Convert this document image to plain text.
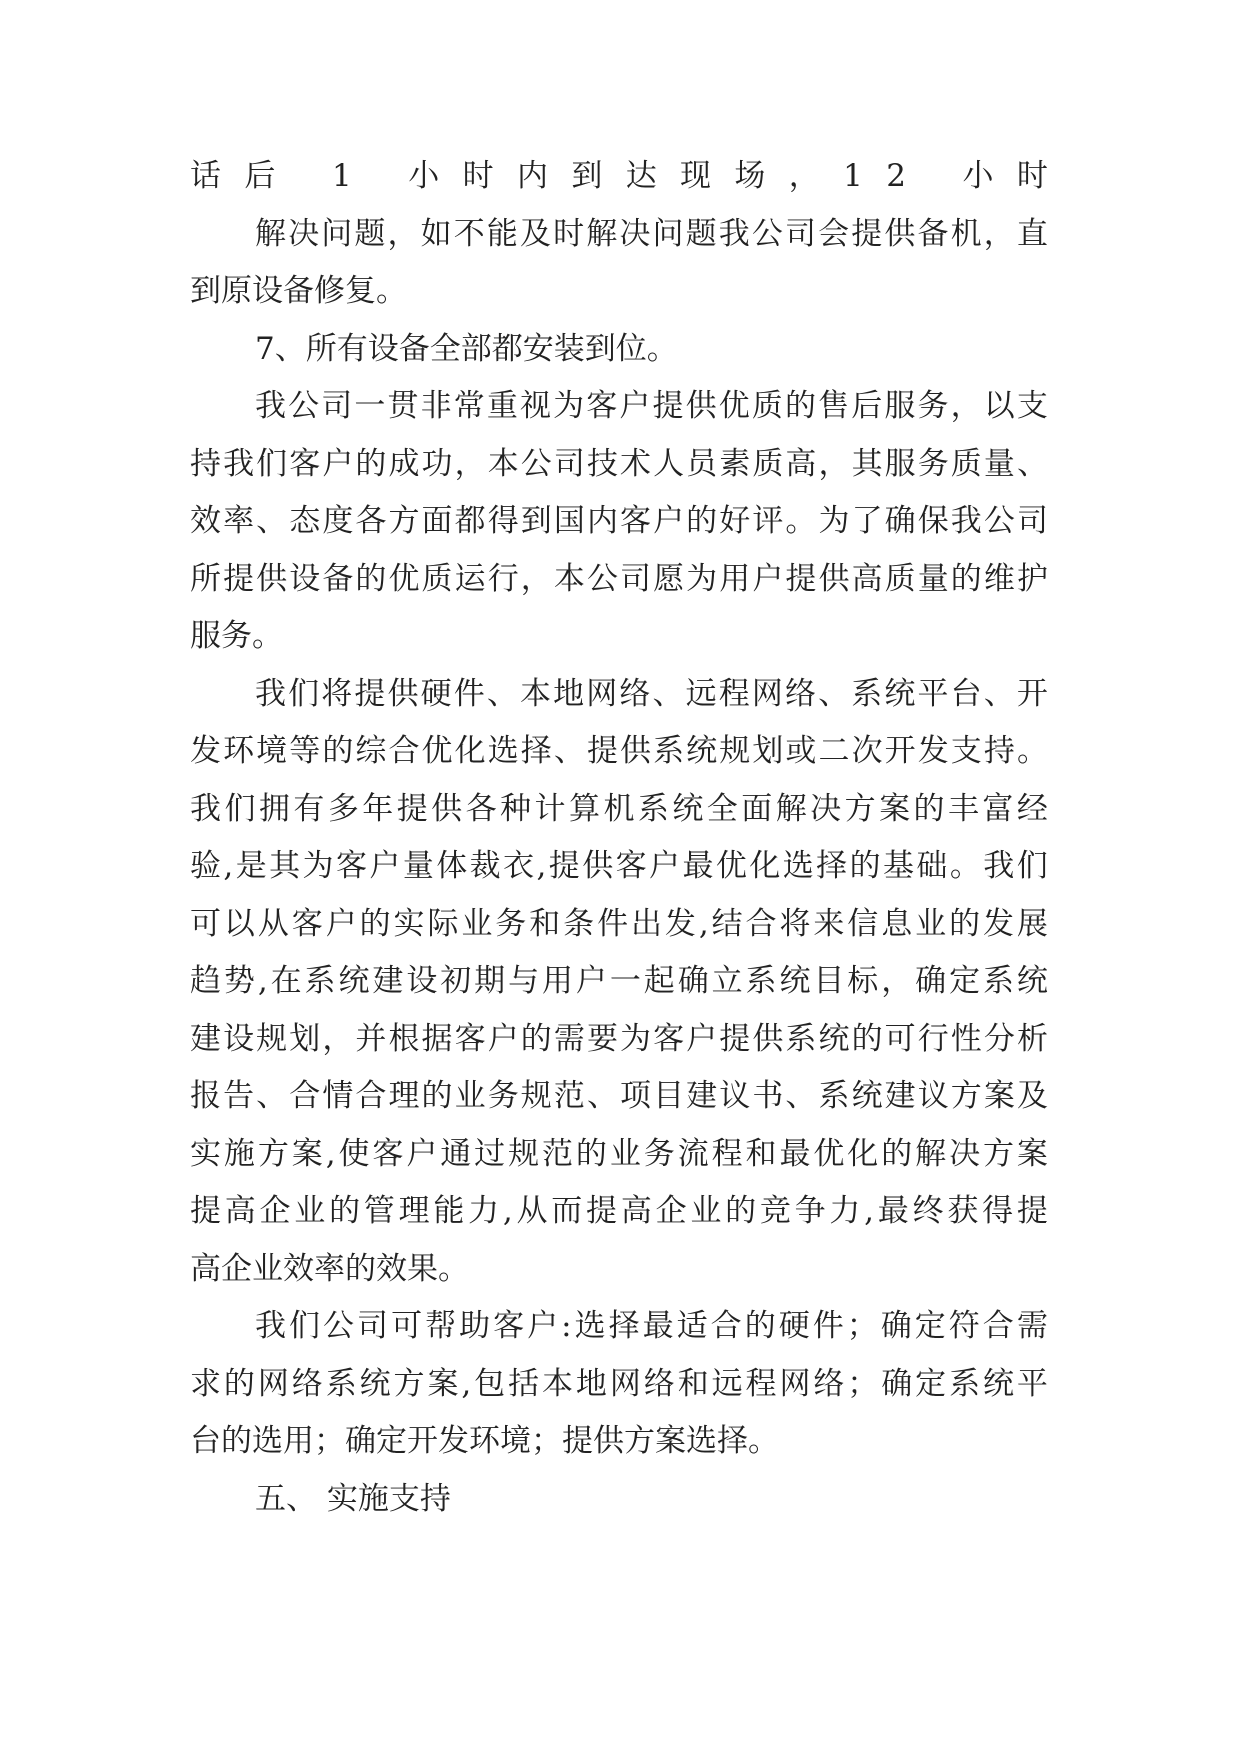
话 后
1
小 时 内 到 达 现 场 ， 1 2
小 时
解 决 问 题 ， 如 不 能 及 时 解 决 问 题 我 公 司 会 提 供 备 机 ， 直
到原设备修复。
7、所有设备全部都安装到位。
我 公 司 一 贯 非 常 重 视 为 客 户 提 供 优 质 的 售 后 服 务 ， 以 支
持 我 们 客 户 的 成 功 ， 本 公 司 技 术 人 员 素 质 高 ， 其 服 务 质 量 、
效 率 、 态 度 各 方 面 都 得 到 国 内 客 户 的 好 评 。 为 了 确 保 我 公 司
所 提 供 设 备 的 优 质 运 行 ， 本 公 司 愿 为 用 户 提 供 高 质 量 的 维 护
服务。
我 们 将 提 供 硬 件 、 本 地 网 络 、 远 程 网 络 、 系 统 平 台 、 开
发 环 境 等 的 综 合 优 化 选 择 、 提 供 系 统 规 划 或 二 次 开 发 支 持 。
我 们 拥 有 多 年 提 供 各 种 计 算 机 系 统 全 面 解 决 方 案 的 丰 富 经
验 , 是 其 为 客 户 量 体 裁 衣 , 提 供 客 户 最 优 化 选 择 的 基 础 。 我 们
可 以 从 客 户 的 实 际 业 务 和 条 件 出 发 , 结 合 将 来 信 息 业 的 发 展
趋 势 , 在 系 统 建 设 初 期 与 用 户 一 起 确 立 系 统 目 标 ， 确 定 系 统
建 设 规 划 ， 并 根 据 客 户 的 需 要 为 客 户 提 供 系 统 的 可 行 性 分 析
报 告 、 合 情 合 理 的 业 务 规 范 、 项 目 建 议 书 、 系 统 建 议 方 案 及
实 施 方 案 , 使 客 户 通 过 规 范 的 业 务 流 程 和 最 优 化 的 解 决 方 案
提 高 企 业 的 管 理 能 力 , 从 而 提 高 企 业 的 竞 争 力 , 最 终 获 得 提
高企业效率的效果。
我 们 公 司 可 帮 助 客 户 : 选 择 最 适 合 的 硬 件 ； 确 定 符 合 需
求 的 网 络 系 统 方 案 , 包 括 本 地 网 络 和 远 程 网 络 ； 确 定 系 统 平
台的选用；确定开发环境；提供方案选择。
五、 实施支持
